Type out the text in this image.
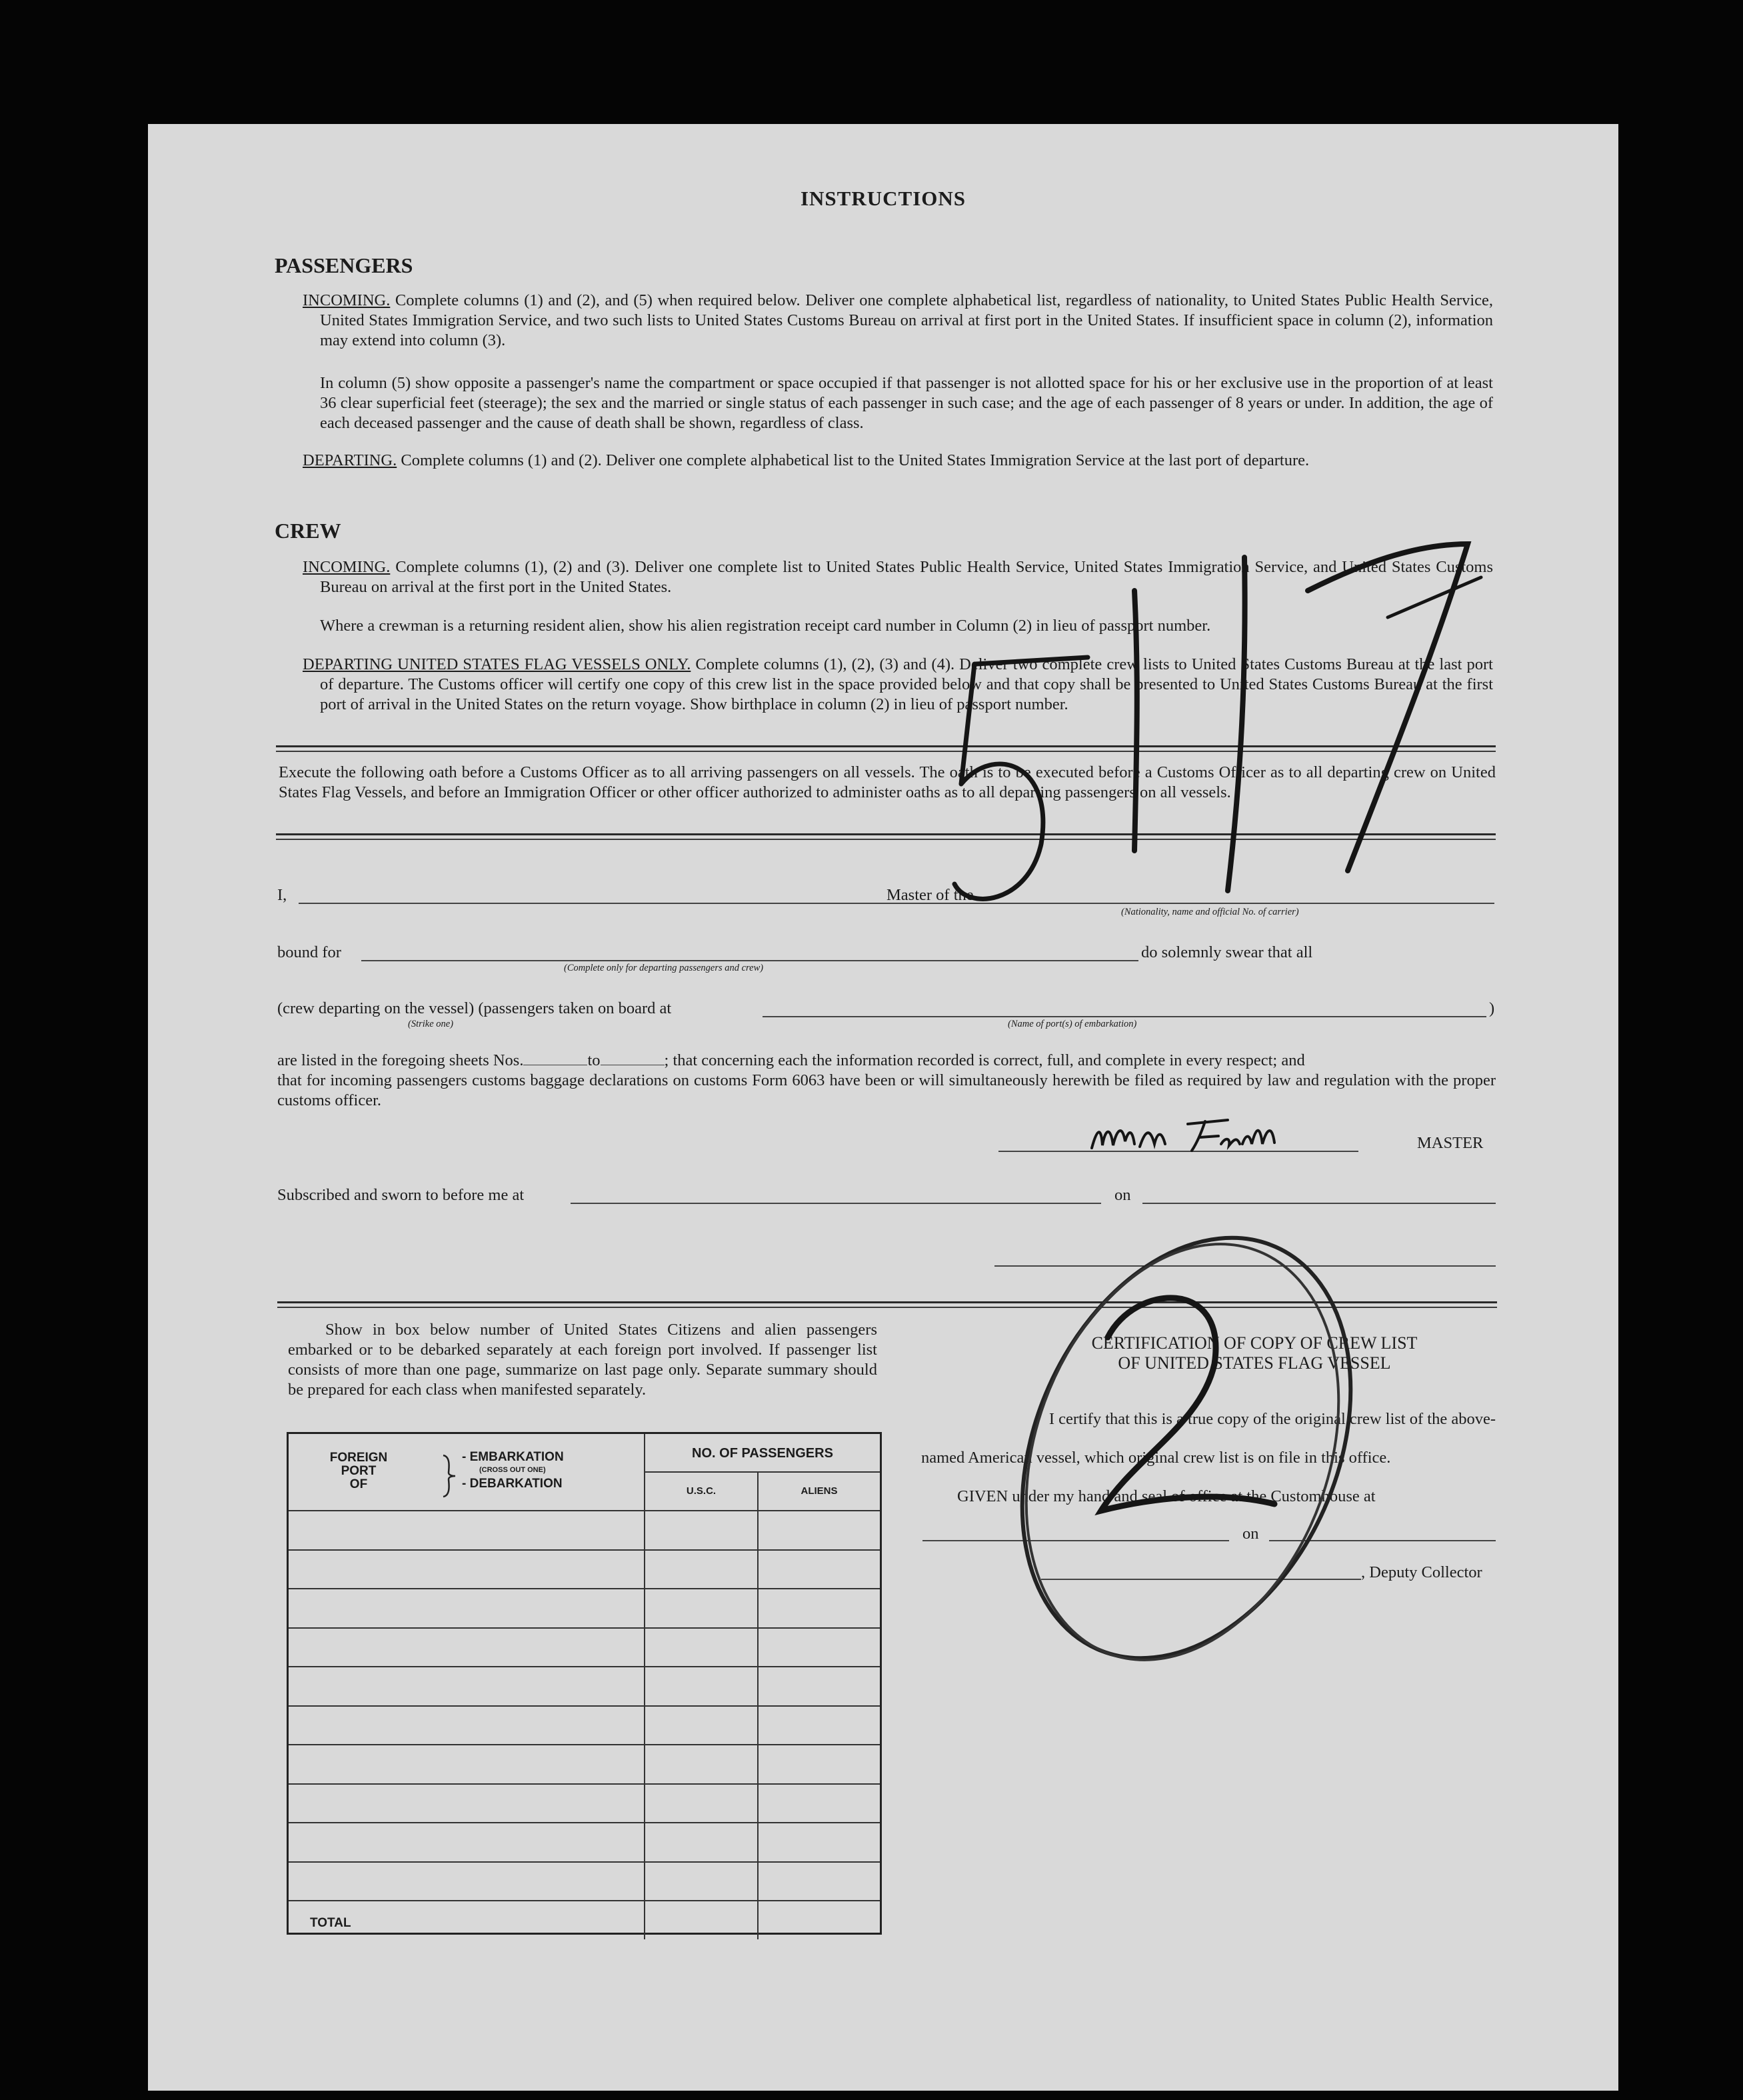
INSTRUCTIONS
PASSENGERS
INCOMING. Complete columns (1) and (2), and (5) when required below. Deliver one complete alphabetical list, regardless of nationality, to United States Public Health Service, United States Immigration Service, and two such lists to United States Customs Bureau on arrival at first port in the United States. If insufficient space in column (2), information may extend into column (3).
In column (5) show opposite a passenger's name the compartment or space occupied if that passenger is not allotted space for his or her exclusive use in the proportion of at least 36 clear superficial feet (steerage); the sex and the married or single status of each passenger in such case; and the age of each passenger of 8 years or under. In addition, the age of each deceased passenger and the cause of death shall be shown, regardless of class.
DEPARTING. Complete columns (1) and (2). Deliver one complete alphabetical list to the United States Immigration Service at the last port of departure.
CREW
INCOMING. Complete columns (1), (2) and (3). Deliver one complete list to United States Public Health Service, United States Immigration Service, and United States Customs Bureau on arrival at the first port in the United States.
Where a crewman is a returning resident alien, show his alien registration receipt card number in Column (2) in lieu of passport number.
DEPARTING UNITED STATES FLAG VESSELS ONLY. Complete columns (1), (2), (3) and (4). Deliver two complete crew lists to United States Customs Bureau at the last port of departure. The Customs officer will certify one copy of this crew list in the space provided below and that copy shall be presented to United States Customs Bureau at the first port of arrival in the United States on the return voyage. Show birthplace in column (2) in lieu of passport number.
Execute the following oath before a Customs Officer as to all arriving passengers on all vessels. The oath is to be executed before a Customs Officer as to all departing crew on United States Flag Vessels, and before an Immigration Officer or other officer authorized to administer oaths as to all departing passengers on all vessels.
I,	Master of the
(Nationality, name and official No. of carrier)
bound for
(Complete only for departing passengers and crew)
do solemnly swear that all
(crew departing on the vessel) (passengers taken on board at	)
(Strike one)	(Name of port(s) of embarkation)
are listed in the foregoing sheets Nos.	to	; that concerning each the information recorded is correct, full, and complete in every respect; and
that for incoming passengers customs baggage declarations on customs Form 6063 have been or will simultaneously herewith be filed as required by law and regulation with the proper customs officer.
MASTER
Subscribed and sworn to before me at	on
Show in box below number of United States Citizens and alien passengers embarked or to be debarked separately at each foreign port involved. If passenger list consists of more than one page, summarize on last page only. Separate summary should be prepared for each class when manifested separately.
FOREIGN
PORT
OF
- EMBARKATION
(CROSS OUT ONE)
- DEBARKATION
NO. OF PASSENGERS
U.S.C.	ALIENS
TOTAL
CERTIFICATION OF COPY OF CREW LIST
OF UNITED STATES FLAG VESSEL
I certify that this is a true copy of the original crew list of the above-
named American vessel, which original crew list is on file in this office.
GIVEN under my hand and seal of office at the Customhouse at
on
, Deputy Collector
